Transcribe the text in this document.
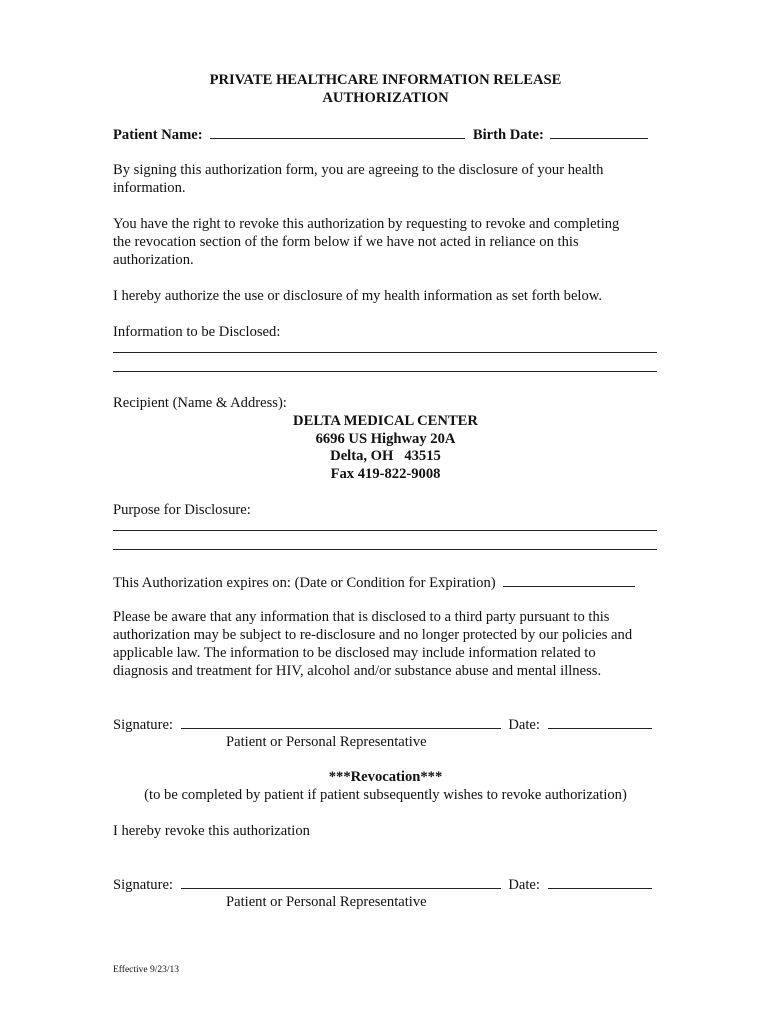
PRIVATE HEALTHCARE INFORMATION RELEASE
AUTHORIZATION
Patient Name:	Birth Date:
By signing this authorization form, you are agreeing to the disclosure of your health
information.
You have the right to revoke this authorization by requesting to revoke and completing
the revocation section of the form below if we have not acted in reliance on this
authorization.
I hereby authorize the use or disclosure of my health information as set forth below.
Information to be Disclosed:
Recipient (Name & Address):
DELTA MEDICAL CENTER
6696 US Highway 20A
Delta, OH   43515
Fax 419-822-9008
Purpose for Disclosure:
This Authorization expires on: (Date or Condition for Expiration)
Please be aware that any information that is disclosed to a third party pursuant to this
authorization may be subject to re-disclosure and no longer protected by our policies and
applicable law. The information to be disclosed may include information related to
diagnosis and treatment for HIV, alcohol and/or substance abuse and mental illness.
Signature:	Date:
Patient or Personal Representative
***Revocation***
(to be completed by patient if patient subsequently wishes to revoke authorization)
I hereby revoke this authorization
Signature:	Date:
Patient or Personal Representative
Effective 9/23/13
